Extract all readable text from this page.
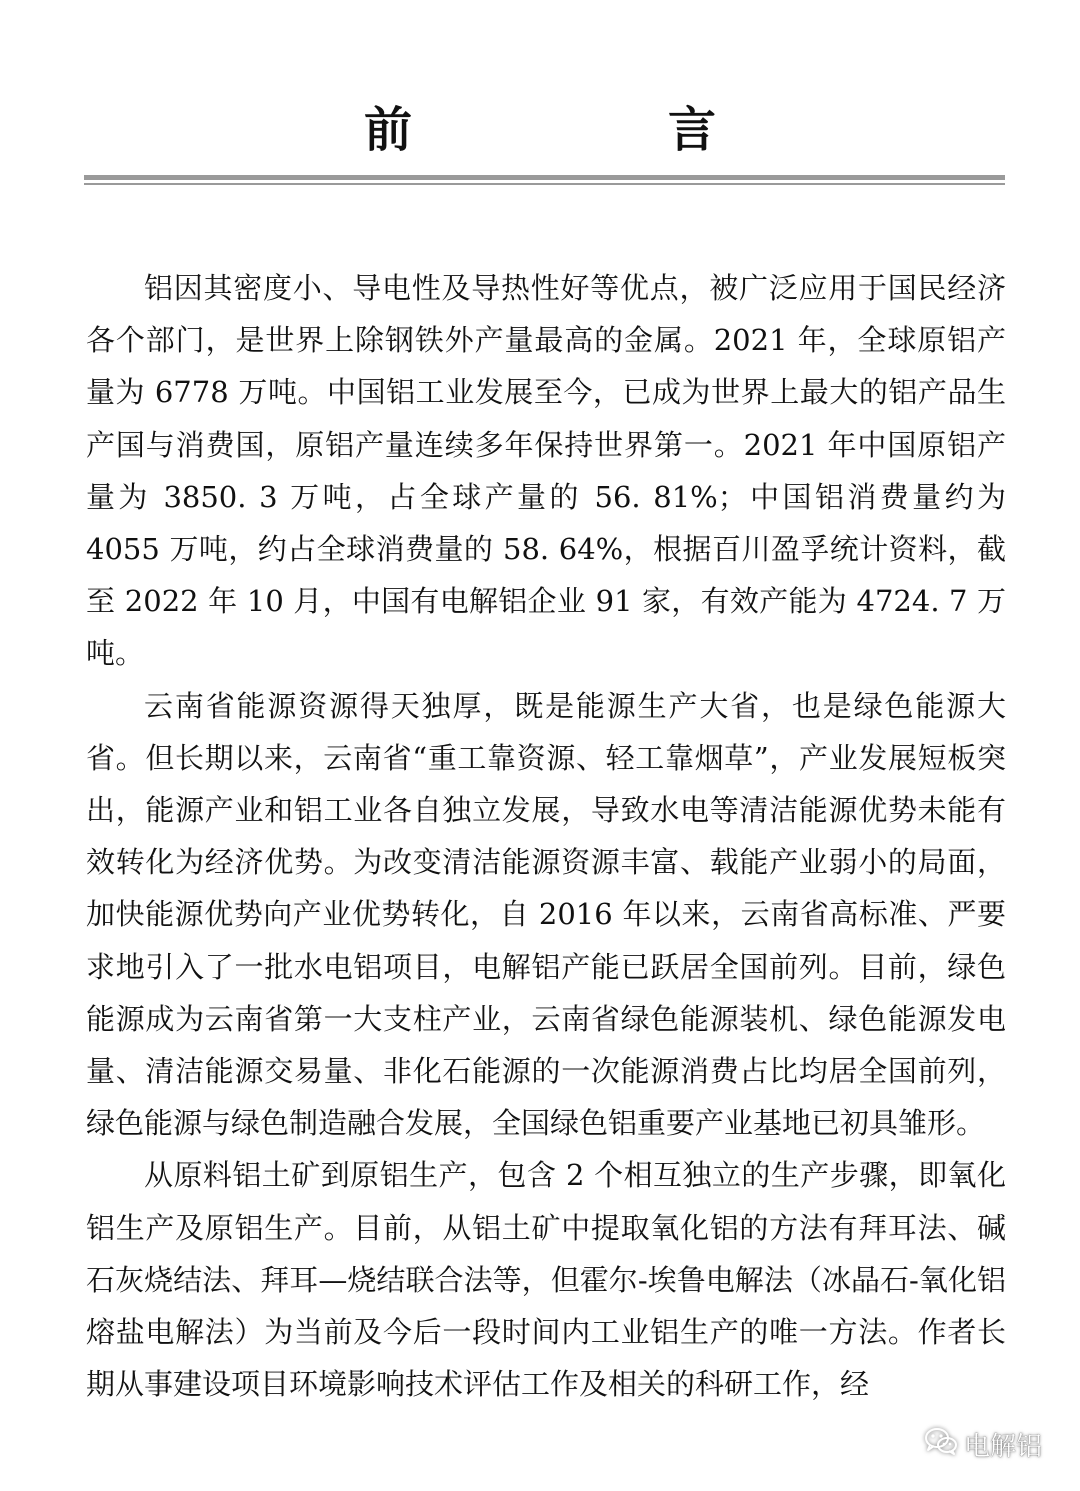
前　言

铝因其密度小、导电性及导热性好等优点，被广泛应用于国民经济各个部门，是世界上除钢铁外产量最高的金属。2021 年，全球原铝产量为 6778 万吨。中国铝工业发展至今，已成为世界上最大的铝产品生产国与消费国，原铝产量连续多年保持世界第一。2021 年中国原铝产量为 3850. 3 万吨，占全球产量的 56. 81%；中国铝消费量约为 4055 万吨，约占全球消费量的 58. 64%，根据百川盈孚统计资料，截至 2022 年 10 月，中国有电解铝企业 91 家，有效产能为 4724. 7 万吨。

云南省能源资源得天独厚，既是能源生产大省，也是绿色能源大省。但长期以来，云南省“重工靠资源、轻工靠烟草”，产业发展短板突出，能源产业和铝工业各自独立发展，导致水电等清洁能源优势未能有效转化为经济优势。为改变清洁能源资源丰富、载能产业弱小的局面，加快能源优势向产业优势转化，自 2016 年以来，云南省高标准、严要求地引入了一批水电铝项目，电解铝产能已跃居全国前列。目前，绿色能源成为云南省第一大支柱产业，云南省绿色能源装机、绿色能源发电量、清洁能源交易量、非化石能源的一次能源消费占比均居全国前列，绿色能源与绿色制造融合发展，全国绿色铝重要产业基地已初具雏形。

从原料铝土矿到原铝生产，包含 2 个相互独立的生产步骤，即氧化铝生产及原铝生产。目前，从铝土矿中提取氧化铝的方法有拜耳法、碱石灰烧结法、拜耳—烧结联合法等，但霍尔-埃鲁电解法（冰晶石-氧化铝熔盐电解法）为当前及今后一段时间内工业铝生产的唯一方法。作者长期从事建设项目环境影响技术评估工作及相关的科研工作，经

电解铝
